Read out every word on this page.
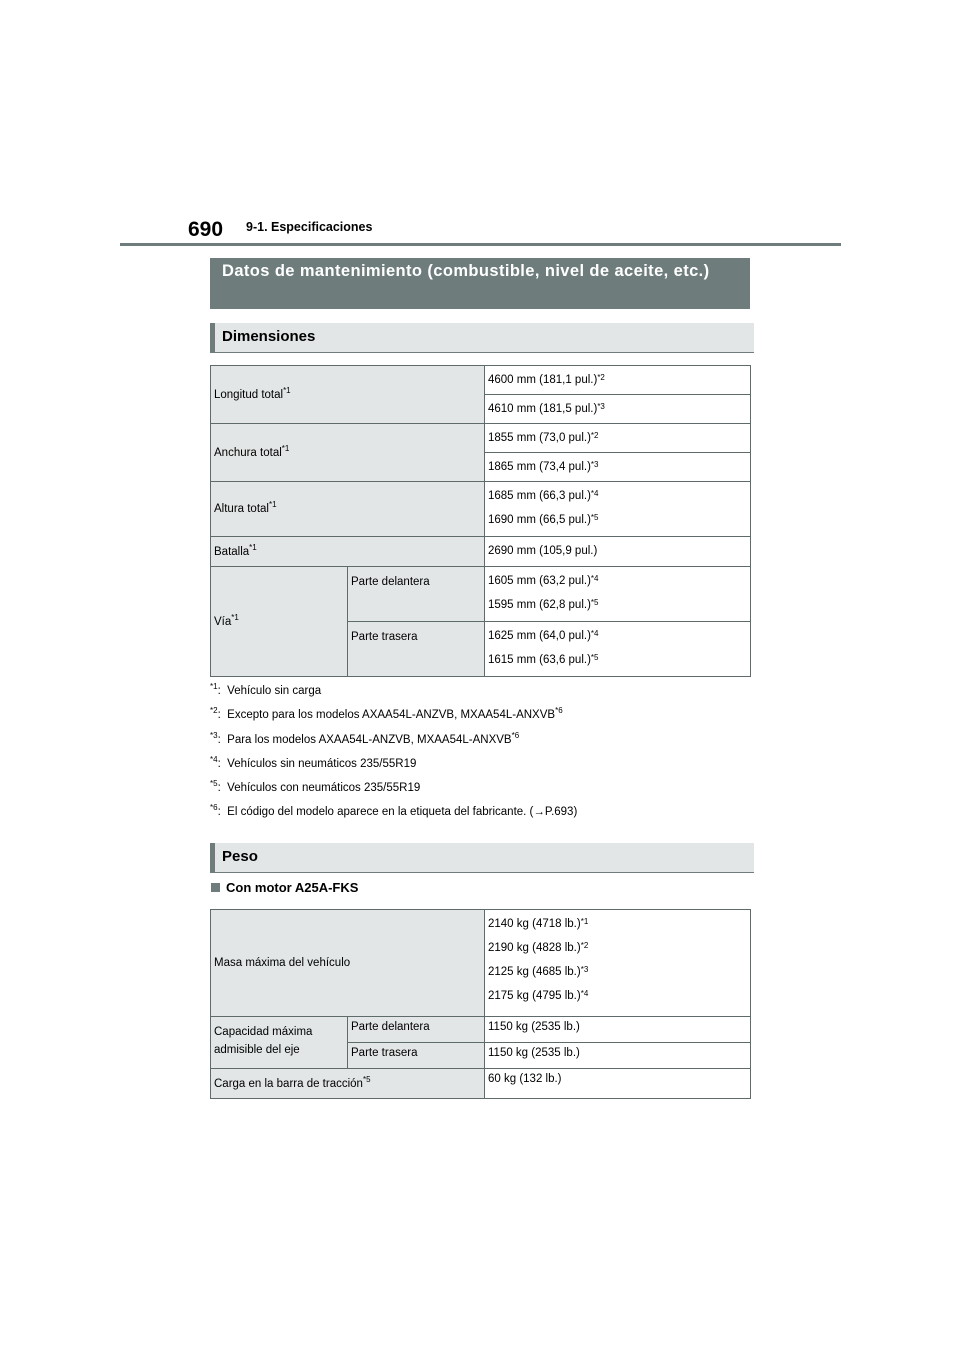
690 9-1. Especificaciones
Datos de mantenimiento (combustible, nivel de aceite, etc.)
Dimensiones
Longitud total$^{*1}$		4600 mm (181,1 pul.)$^{*2}$

		4610 mm (181,5 pul.)$^{*3}$

Anchura total$^{*1}$		1855 mm (73,0 pul.)$^{*2}$

		1865 mm (73,4 pul.)$^{*3}$

Altura total$^{*1}$		1685 mm (66,3 pul.)$^{*4}$
1690 mm (66,5 pul.)$^{*5}$

Batalla$^{*1}$		2690 mm (105,9 pul.)

Vía$^{*1}$	Parte delantera	1605 mm (63,2 pul.)$^{*4}$
1595 mm (62,8 pul.)$^{*5}$

	Parte trasera	1625 mm (64,0 pul.)$^{*4}$
1615 mm (63,6 pul.)$^{*5}$
$^{*1}$:  Vehículo sin carga
$^{*2}$:  Excepto para los modelos AXAA54L-ANZVB, MXAA54L-ANXVB$^{*6}$
$^{*3}$:  Para los modelos AXAA54L-ANZVB, MXAA54L-ANXVB$^{*6}$
$^{*4}$:  Vehículos sin neumáticos 235/55R19
$^{*5}$:  Vehículos con neumáticos 235/55R19
$^{*6}$:  El código del modelo aparece en la etiqueta del fabricante. (→P.693)
Peso
Con motor A25A-FKS
Masa máxima del vehículo		2140 kg (4718 lb.)$^{*1}$
2190 kg (4828 lb.)$^{*2}$
2125 kg (4685 lb.)$^{*3}$
2175 kg (4795 lb.)$^{*4}$

Capacidad máxima admisible del eje	Parte delantera	1150 kg (2535 lb.)
	Parte trasera	1150 kg (2535 lb.)
Carga en la barra de tracción$^{*5}$		60 kg (132 lb.)
